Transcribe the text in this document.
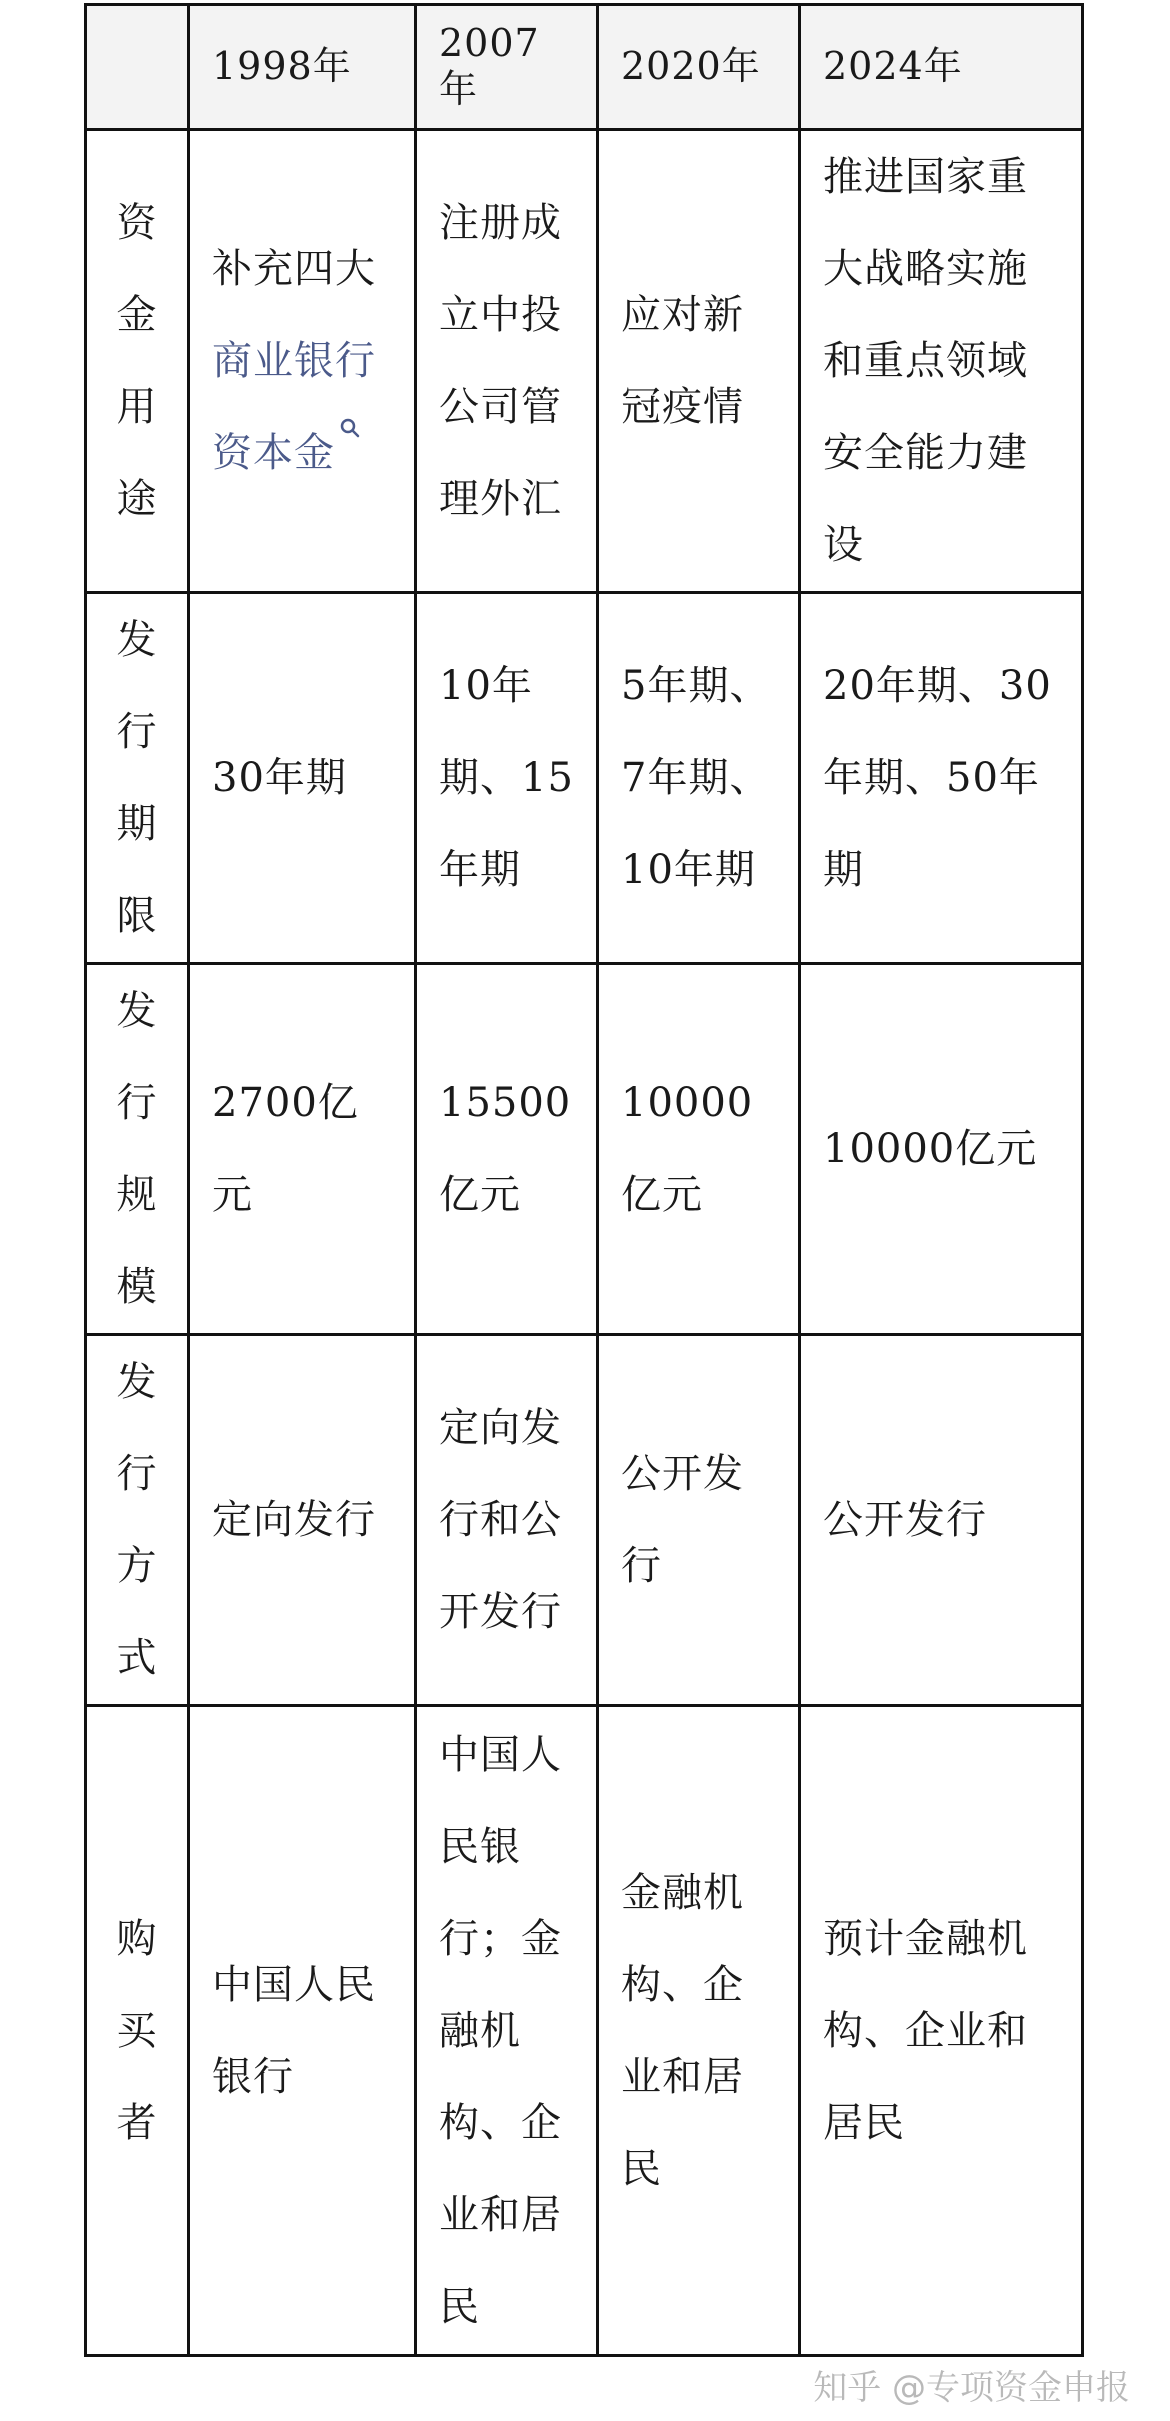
	1998年	2007年	2020年	2024年
资金用途	补充四大商业银行资本金	注册成立中投公司管理外汇	应对新冠疫情	推进国家重大战略实施和重点领域安全能力建设
发行期限	30年期	10年期、15年期	5年期、7年期、10年期	20年期、30年期、50年期
发行规模	2700亿元	15500亿元	10000亿元	10000亿元
发行方式	定向发行	定向发行和公开发行	公开发行	公开发行
购买者	中国人民银行	中国人民银行；金融机构、企业和居民	金融机构、企业和居民	预计金融机构、企业和居民
知乎 @专项资金申报
